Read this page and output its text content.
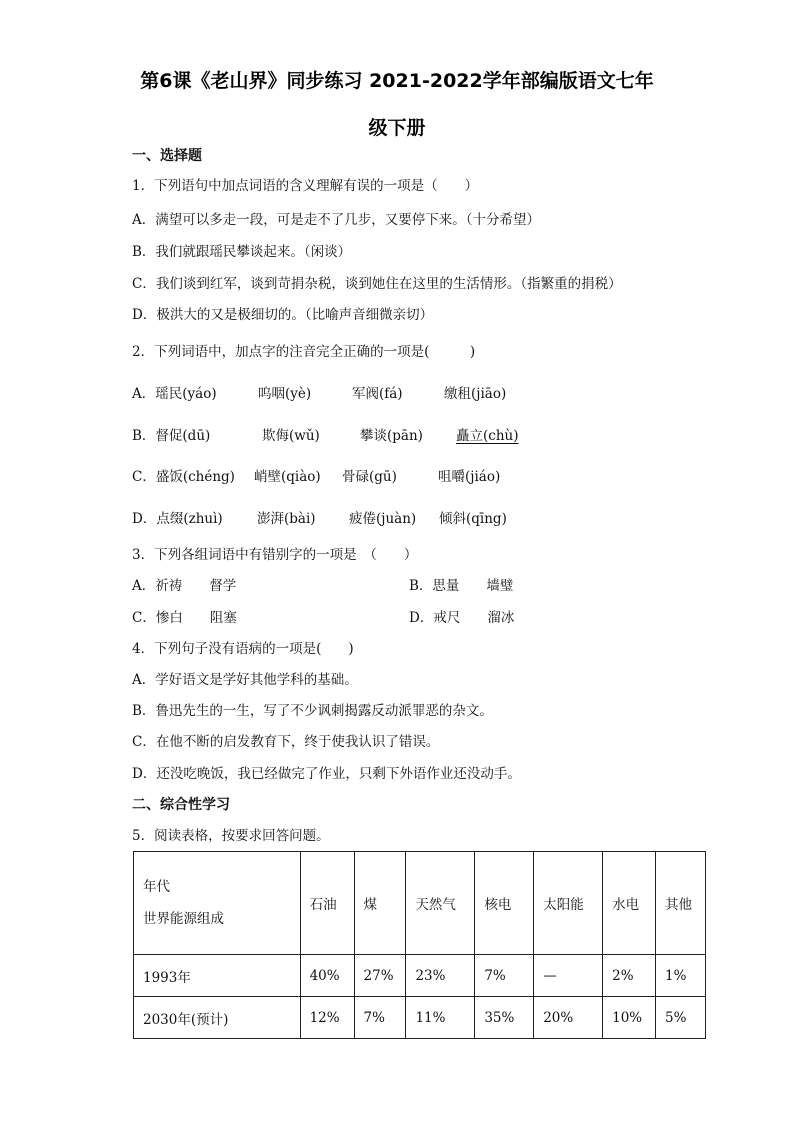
第6课《老山界》同步练习 2021-2022学年部编版语文七年
级下册
一、选择题
1．下列语句中加点词语的含义理解有误的一项是（　　）
A．满望可以多走一段，可是走不了几步，又要停下来。（十分希望）
B．我们就跟瑶民攀谈起来。（闲谈）
C．我们谈到红军，谈到苛捐杂税，谈到她住在这里的生活情形。（指繁重的捐税）
D．极洪大的又是极细切的。（比喻声音细微亲切）
2．下列词语中，加点字的注音完全正确的一项是(　　　)
A．瑶民(yáo)	呜咽(yè)	军阀(fá)	缴租(jiāo)
B．督促(dū)	欺侮(wǔ)	攀谈(pān) 矗立(chù)
C．盛饭(chéng) 峭壁(qiào) 骨碌(gū)	咀嚼(jiáo)
D．点缀(zhuì)	澎湃(bài) 疲倦(juàn) 倾斜(qīng)
3．下列各组词语中有错别字的一项是　（　　）
A．祈祷　　督学	B．思量　　墙璧
C．惨白　　阻塞	D．戒尺　　溜冰
4．下列句子没有语病的一项是(　　)
A．学好语文是学好其他学科的基础。
B．鲁迅先生的一生，写了不少讽刺揭露反动派罪恶的杂文。
C．在他不断的启发教育下，终于使我认识了错误。
D．还没吃晚饭，我已经做完了作业，只剩下外语作业还没动手。
二、综合性学习
5．阅读表格，按要求回答问题。
年代
世界能源组成	石油	煤	天然气	核电	太阳能	水电	其他
1993年	40%	27%	23%	7%	—	2%	1%
2030年(预计)	12%	7%	11%	35%	20%	10%	5%
